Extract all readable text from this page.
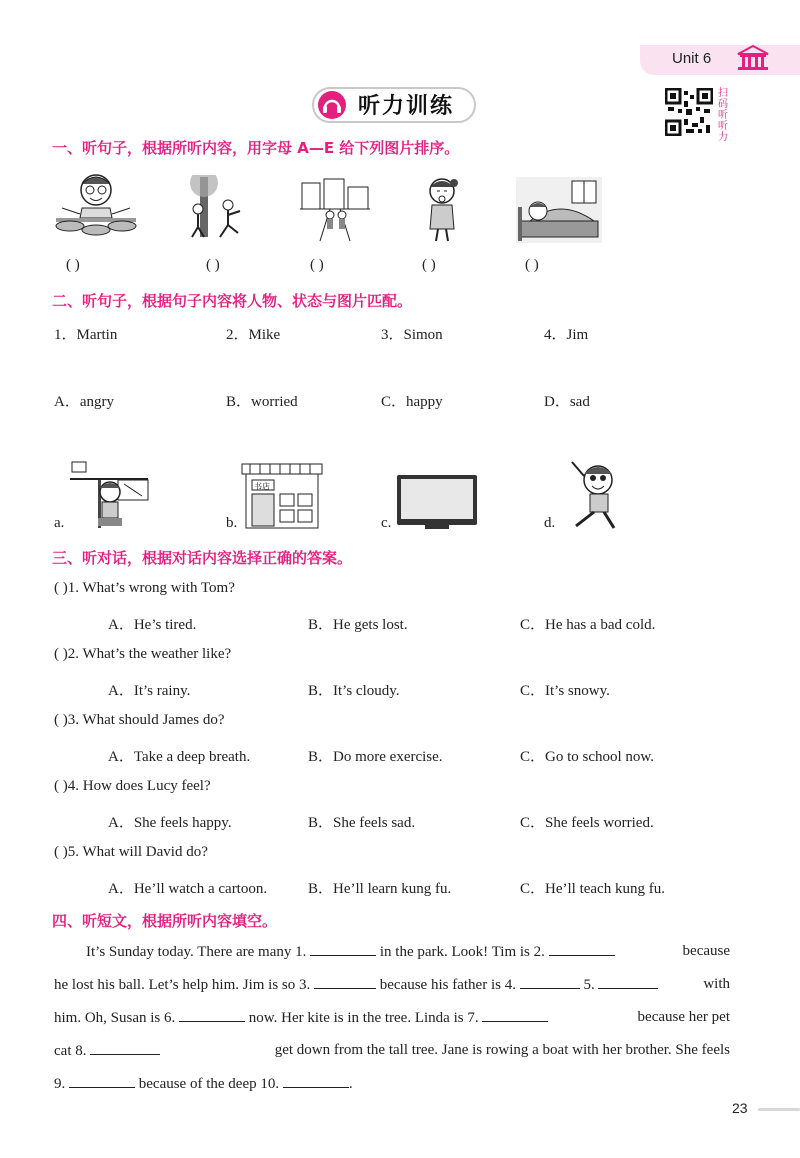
Unit 6
听力训练
扫码听听力
一、听句子，根据所听内容，用字母 A—E 给下列图片排序。
( )	( )	( )	( )	( )
二、听句子，根据句子内容将人物、状态与图片匹配。
1．Martin	2．Mike	3．Simon	4．Jim
A．angry	B．worried	C．happy	D．sad
a.	b.	c.	d.
书店
三、听对话，根据对话内容选择正确的答案。
( )1. What’s wrong with Tom?
A．He’s tired.	B．He gets lost.	C．He has a bad cold.
( )2. What’s the weather like?
A．It’s rainy.	B．It’s cloudy.	C．It’s snowy.
( )3. What should James do?
A．Take a deep breath.	B．Do more exercise.	C．Go to school now.
( )4. How does Lucy feel?
A．She feels happy.	B．She feels sad.	C．She feels worried.
( )5. What will David do?
A．He’ll watch a cartoon.	B．He’ll learn kung fu.	C．He’ll teach kung fu.
四、听短文，根据所听内容填空。
It’s Sunday today. There are many 1.	in the park. Look! Tim is 2.	because
he lost his ball. Let’s help him. Jim is so 3.	because his father is 4.	5.	with
him. Oh, Susan is 6.	now. Her kite is in the tree. Linda is 7.	because her pet
cat 8.	get down from the tall tree. Jane is rowing a boat with her brother. She feels
9.	because of the deep 10.	.
23
